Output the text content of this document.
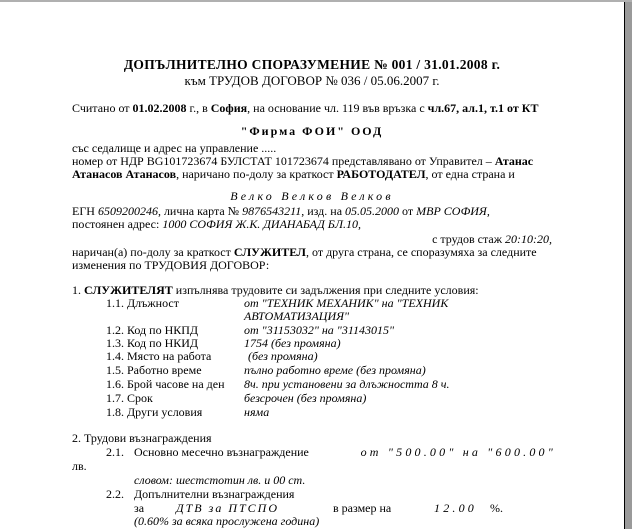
ДОПЪЛНИТЕЛНО СПОРАЗУМЕНИЕ № 001 / 31.01.2008 г.
към ТРУДОВ ДОГОВОР № 036 / 05.06.2007 г.
Считано от 01.02.2008 г., в София, на основание чл. 119 във връзка с чл.67, ал.1, т.1 от КТ
"Фирма ФОИ" ООД
със седалище и адрес на управление .....
номер от НДР BG101723674 БУЛСТАТ 101723674 представлявано от Управител – Атанас
Атанасов Атанасов, наричано по-долу за краткост РАБОТОДАТЕЛ, от една страна и
Велко Велков Велков
ЕГН 6509200246, лична карта № 9876543211, изд. на 05.05.2000 от МВР СОФИЯ,
постоянен адрес: 1000 СОФИЯ Ж.К. ДИАНАБАД БЛ.10,
с трудов стаж 20:10:20,
наричан(а) по-долу за краткост СЛУЖИТЕЛ, от друга страна, се споразумяха за следните
изменения по ТРУДОВИЯ ДОГОВОР:
1. СЛУЖИТЕЛЯТ изпълнява трудовите си задължения при следните условия:
1.1. Длъжност	от "ТЕХНИК МЕХАНИК" на "ТЕХНИК
АВТОМАТИЗАЦИЯ"
1.2. Код по НКПД	от "31153032" на "31143015"
1.3. Код по НКИД	1754 (без промяна)
1.4. Място на работа	(без промяна)
1.5. Работно време	пълно работно време (без промяна)
1.6. Брой часове на ден 8ч. при установени за длъжността 8 ч.
1.7. Срок	безсрочен (без промяна)
1.8. Други условия	няма
2. Трудови възнаграждения
2.1. Основно месечно възнаграждение	от "500.00" на "600.00"
лв.
словом: шестстотин лв. и 00 ст.
2.2. Допълнителни възнаграждения
за	ДТВ за ПТСПО	в размер на	12.00 %.
(0.60% за всяка прослужена година)
